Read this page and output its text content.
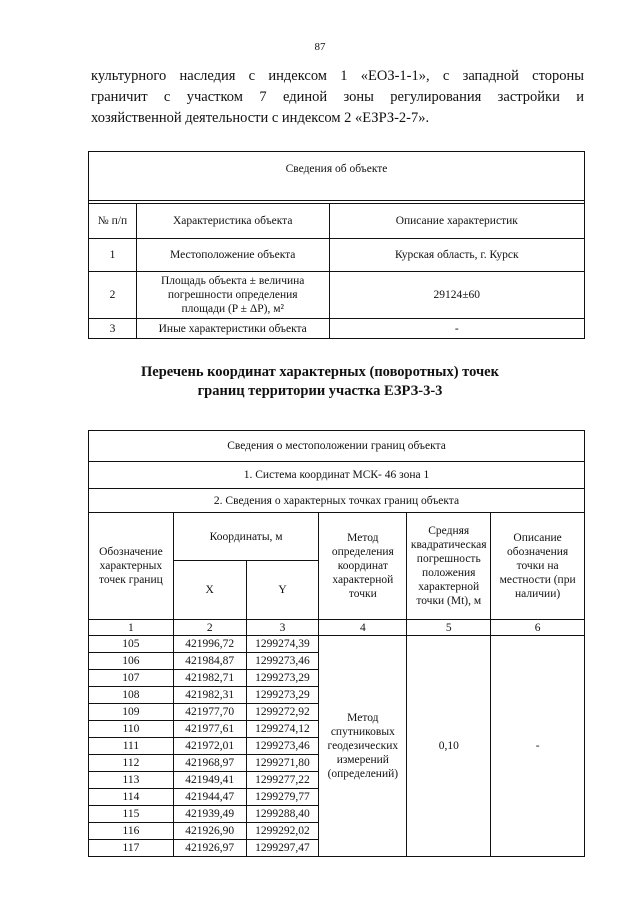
87
культурного наследия с индексом 1 «ЕОЗ-1-1», с западной стороны
граничит с участком 7 единой зоны регулирования застройки и
хозяйственной деятельности с индексом 2 «ЕЗРЗ-2-7».
Сведения об объекте		

№ п/п	Характеристика объекта	Описание характеристик
1	Местоположение объекта	Курская область, г. Курск
2	Площадь объекта ± величина погрешности определения площади (P ± ΔP), м²	29124±60
3	Иные характеристики объекта	-
Перечень координат характерных (поворотных) точек
границ территории участка ЕЗРЗ-3-3
Сведения о местоположении границ объекта					
1. Система координат МСК- 46 зона 1					
2. Сведения о характерных точках границ объекта					
Обозначение характерных точек границ	Координаты, м		Метод определения координат характерной точки	Средняя квадратическая погрешность положения характерной точки (Mt), м	Описание обозначения точки на местности (при наличии)
	X	Y			
1	2	3	4	5	6
105	421996,72	1299274,39	Метод спутниковых геодезических измерений (определений)	0,10	-
106	421984,87	1299273,46			
107	421982,71	1299273,29			
108	421982,31	1299273,29			
109	421977,70	1299272,92			
110	421977,61	1299274,12			
111	421972,01	1299273,46			
112	421968,97	1299271,80			
113	421949,41	1299277,22			
114	421944,47	1299279,77			
115	421939,49	1299288,40			
116	421926,90	1299292,02			
117	421926,97	1299297,47			
